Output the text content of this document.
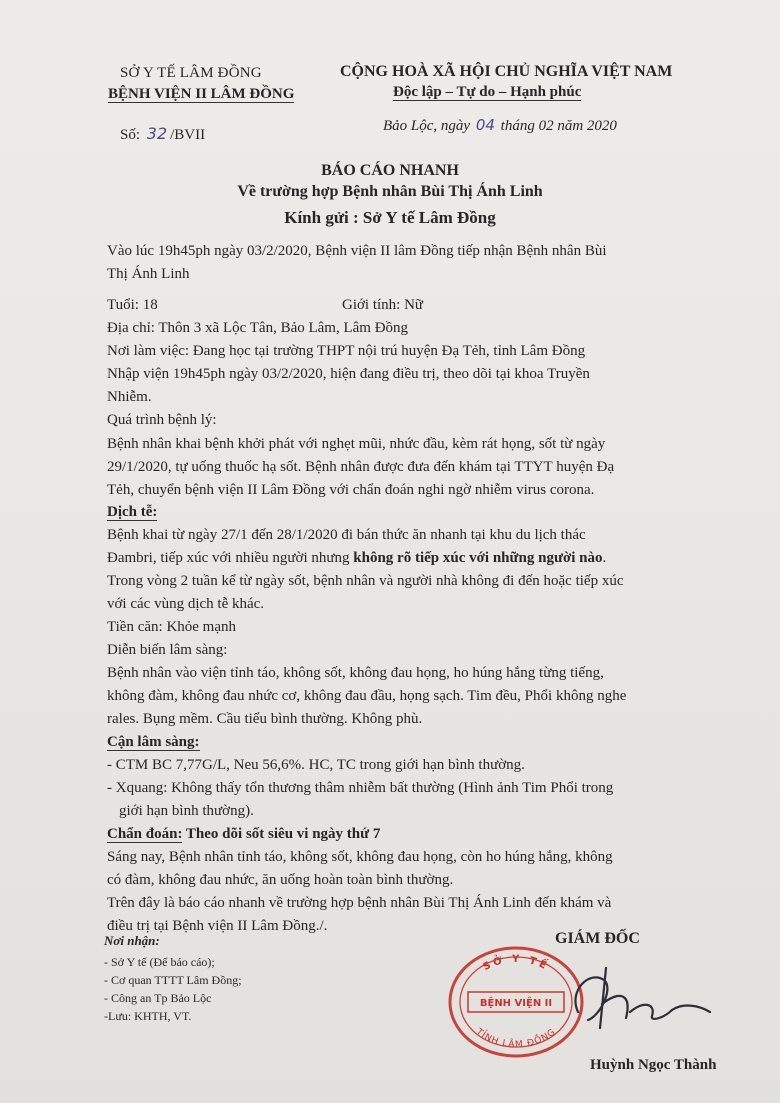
SỞ Y TẾ LÂM ĐỒNG
BỆNH VIỆN II LÂM ĐỒNG
CỘNG HOÀ XÃ HỘI CHỦ NGHĨA VIỆT NAM
Độc lập – Tự do – Hạnh phúc
Số: 32 /BVII
Bảo Lộc, ngày 04 tháng 02 năm 2020
BÁO CÁO NHANH
Về trường hợp Bệnh nhân Bùi Thị Ánh Linh
Kính gửi : Sở Y tế Lâm Đồng
Vào lúc 19h45ph ngày 03/2/2020, Bệnh viện II lâm Đồng tiếp nhận Bệnh nhân Bùi
Thị Ánh Linh
Tuổi: 18	Giới tính: Nữ
Địa chỉ: Thôn 3 xã Lộc Tân, Bảo Lâm, Lâm Đồng
Nơi làm việc: Đang học tại trường THPT nội trú huyện Đạ Tẻh, tỉnh Lâm Đồng
Nhập viện 19h45ph ngày 03/2/2020, hiện đang điều trị, theo dõi tại khoa Truyền
Nhiễm.
Quá trình bệnh lý:
Bệnh nhân khai bệnh khởi phát với nghẹt mũi, nhức đầu, kèm rát họng, sốt từ ngày
29/1/2020, tự uống thuốc hạ sốt. Bệnh nhân được đưa đến khám tại TTYT huyện Đạ
Tẻh, chuyển bệnh viện II Lâm Đồng với chẩn đoán nghi ngờ nhiễm virus corona.
Dịch tễ:
Bệnh khai từ ngày 27/1 đến 28/1/2020 đi bán thức ăn nhanh tại khu du lịch thác
Đambri, tiếp xúc với nhiều người nhưng không rõ tiếp xúc với những người nào.
Trong vòng 2 tuần kể từ ngày sốt, bệnh nhân và người nhà không đi đến hoặc tiếp xúc
với các vùng dịch tễ khác.
Tiền căn: Khỏe mạnh
Diễn biến lâm sàng:
Bệnh nhân vào viện tỉnh táo, không sốt, không đau họng, ho húng hắng từng tiếng,
không đàm, không đau nhức cơ, không đau đầu, họng sạch. Tim đều, Phổi không nghe
rales. Bụng mềm. Cầu tiểu bình thường. Không phù.
Cận lâm sàng:
- CTM BC 7,77G/L, Neu 56,6%. HC, TC trong giới hạn bình thường.
- Xquang: Không thấy tổn thương thâm nhiễm bất thường (Hình ảnh Tim Phổi trong
giới hạn bình thường).
Chẩn đoán: Theo dõi sốt siêu vi ngày thứ 7
Sáng nay, Bệnh nhân tỉnh táo, không sốt, không đau họng, còn ho húng hắng, không
có đàm, không đau nhức, ăn uống hoàn toàn bình thường.
Trên đây là báo cáo nhanh về trường hợp bệnh nhân Bùi Thị Ánh Linh đến khám và
điều trị tại Bệnh viện II Lâm Đồng./.
Nơi nhận:
- Sở Y tế (Để báo cáo);
- Cơ quan TTTT Lâm Đồng;
- Công an Tp Bảo Lộc
-Lưu: KHTH, VT.
GIÁM ĐỐC
SỞ Y TẾ
BỆNH VIỆN II
TỈNH LÂM ĐỒNG
Huỳnh Ngọc Thành
